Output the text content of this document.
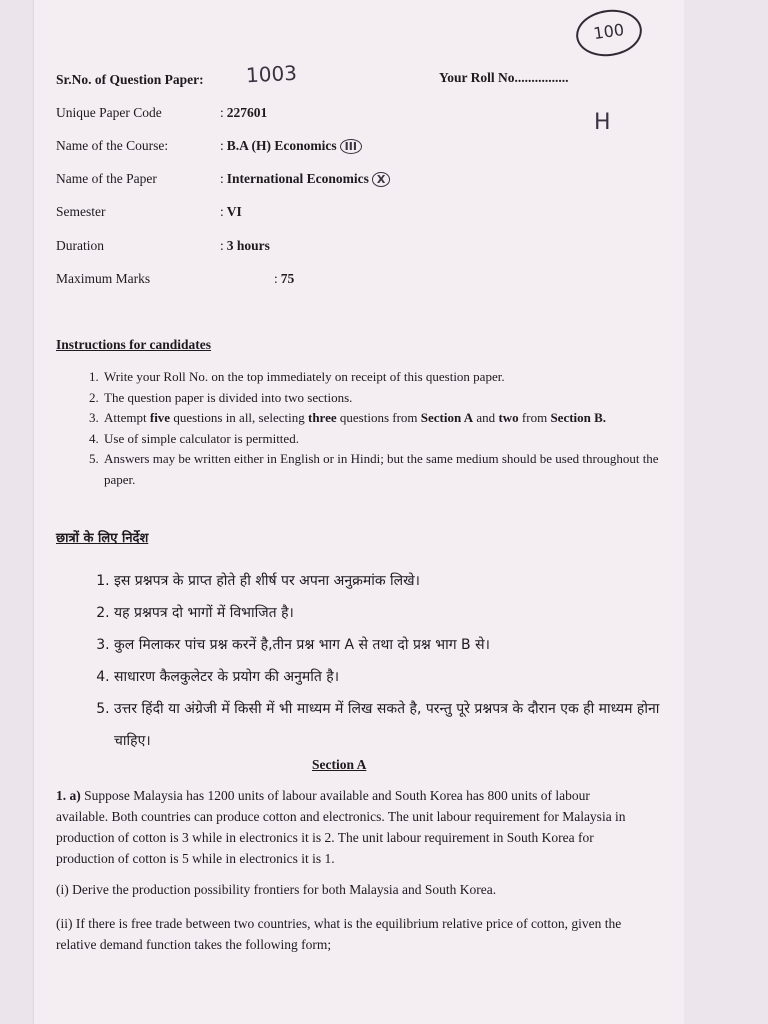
100
Sr.No. of Question Paper: 1003	Your Roll No................
H
Unique Paper Code	: 227601
Name of the Course:	: B.A (H) Economics III
Name of the Paper	: International Economics X
Semester	: VI
Duration	: 3 hours
Maximum Marks	: 75
Instructions for candidates
1. Write your Roll No. on the top immediately on receipt of this question paper.
2. The question paper is divided into two sections.
3. Attempt five questions in all, selecting three questions from Section A and two from Section B.
4. Use of simple calculator is permitted.
5. Answers may be written either in English or in Hindi; but the same medium should be used throughout the paper.
छात्रों के लिए निर्देश
1. इस प्रश्नपत्र के प्राप्त होते ही शीर्ष पर अपना अनुक्रमांक लिखे।
2. यह प्रश्नपत्र दो भागों में विभाजित है।
3. कुल मिलाकर पांच प्रश्न करनें है,तीन प्रश्न भाग A से तथा दो प्रश्न भाग B से।
4. साधारण कैलकुलेटर के प्रयोग की अनुमति है।
5. उत्तर हिंदी या अंग्रेजी में किसी में भी माध्यम में लिख सकते है, परन्तु पूरे प्रश्नपत्र के दौरान एक ही माध्यम होना चाहिए।
Section A
1. a) Suppose Malaysia has 1200 units of labour available and South Korea has 800 units of labour available. Both countries can produce cotton and electronics. The unit labour requirement for Malaysia in production of cotton is 3 while in electronics it is 2. The unit labour requirement in South Korea for production of cotton is 5 while in electronics it is 1.
(i) Derive the production possibility frontiers for both Malaysia and South Korea.
(ii) If there is free trade between two countries, what is the equilibrium relative price of cotton, given the relative demand function takes the following form;
